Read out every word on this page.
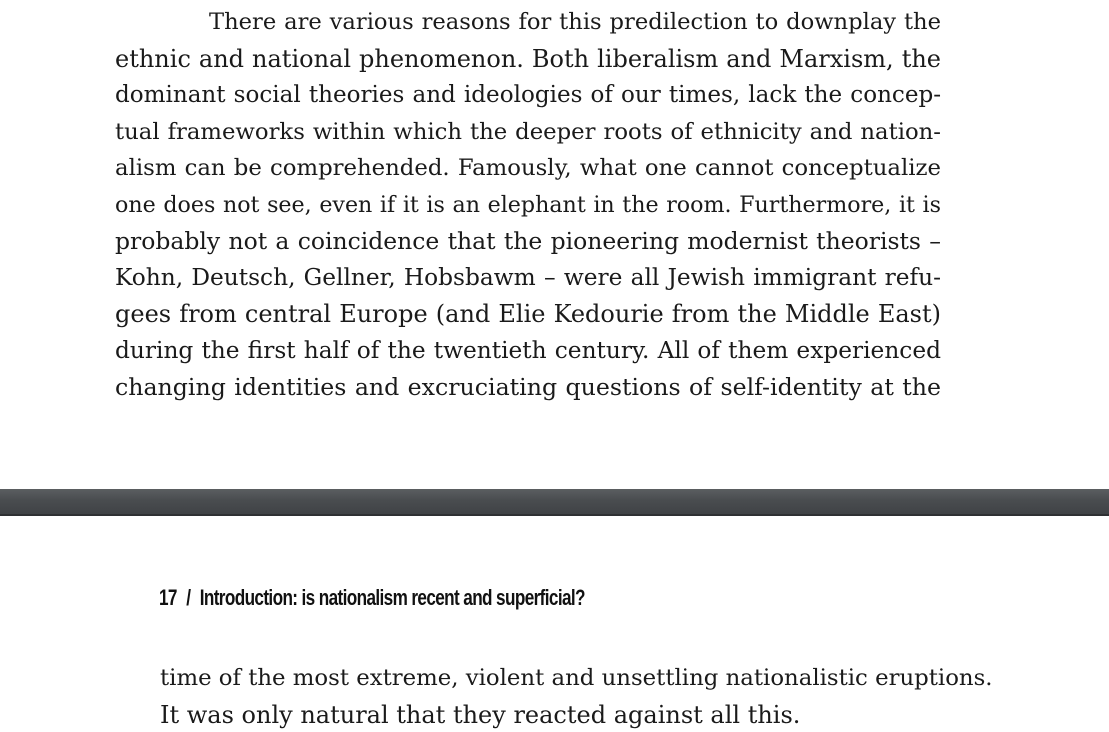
There are various reasons for this predilection to downplay the
ethnic and national phenomenon. Both liberalism and Marxism, the
dominant social theories and ideologies of our times, lack the concep-
tual frameworks within which the deeper roots of ethnicity and nation-
alism can be comprehended. Famously, what one cannot conceptualize
one does not see, even if it is an elephant in the room. Furthermore, it is
probably not a coincidence that the pioneering modernist theorists –
Kohn, Deutsch, Gellner, Hobsbawm – were all Jewish immigrant refu-
gees from central Europe (and Elie Kedourie from the Middle East)
during the first half of the twentieth century. All of them experienced
changing identities and excruciating questions of self-identity at the
17 / Introduction: is nationalism recent and superficial?
time of the most extreme, violent and unsettling nationalistic eruptions.
It was only natural that they reacted against all this.
